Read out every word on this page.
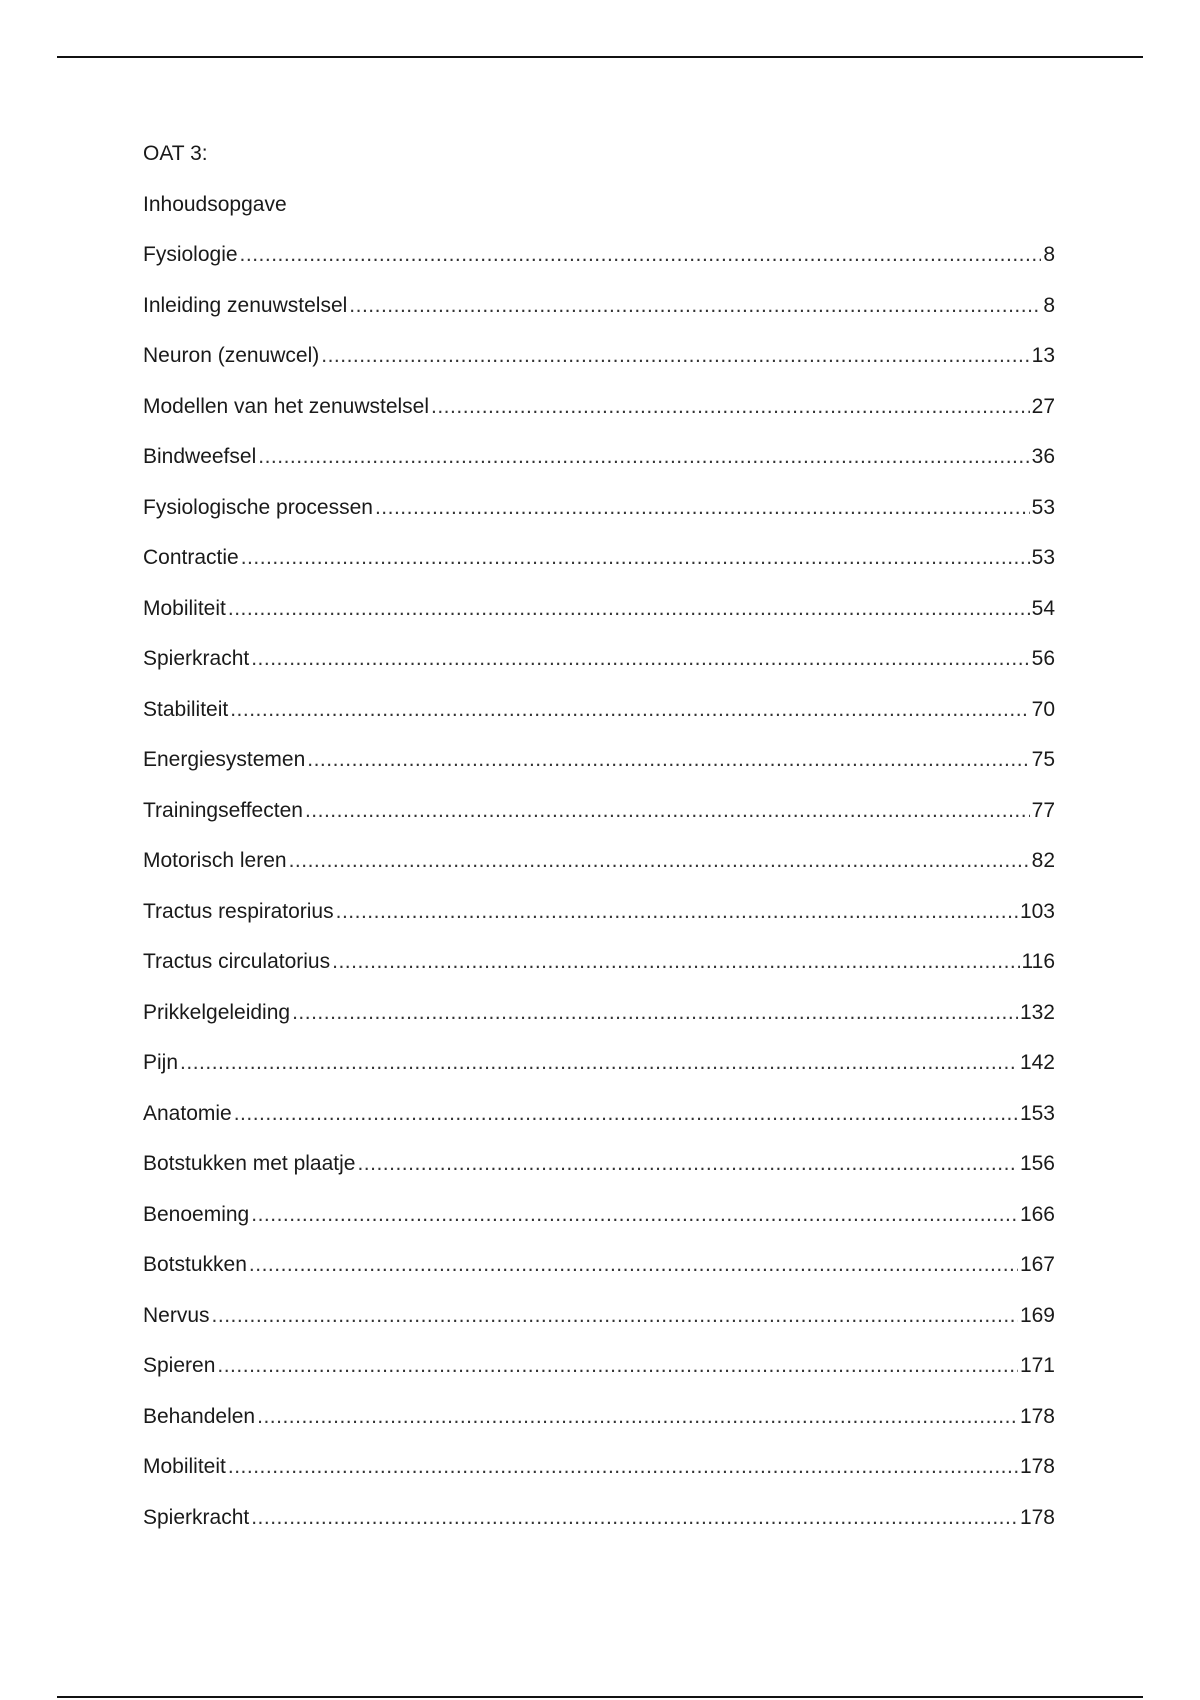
OAT 3:
Inhoudsopgave
Fysiologie .....	8
Inleiding zenuwstelsel .....	8
Neuron (zenuwcel) .....	13
Modellen van het zenuwstelsel .....	27
Bindweefsel .....	36
Fysiologische processen .....	53
Contractie .....	53
Mobiliteit .....	54
Spierkracht .....	56
Stabiliteit .....	70
Energiesystemen .....	75
Trainingseffecten .....	77
Motorisch leren .....	82
Tractus respiratorius .....	103
Tractus circulatorius .....	116
Prikkelgeleiding .....	132
Pijn .....	142
Anatomie .....	153
Botstukken met plaatje .....	156
Benoeming .....	166
Botstukken .....	167
Nervus .....	169
Spieren .....	171
Behandelen .....	178
Mobiliteit .....	178
Spierkracht .....	178
